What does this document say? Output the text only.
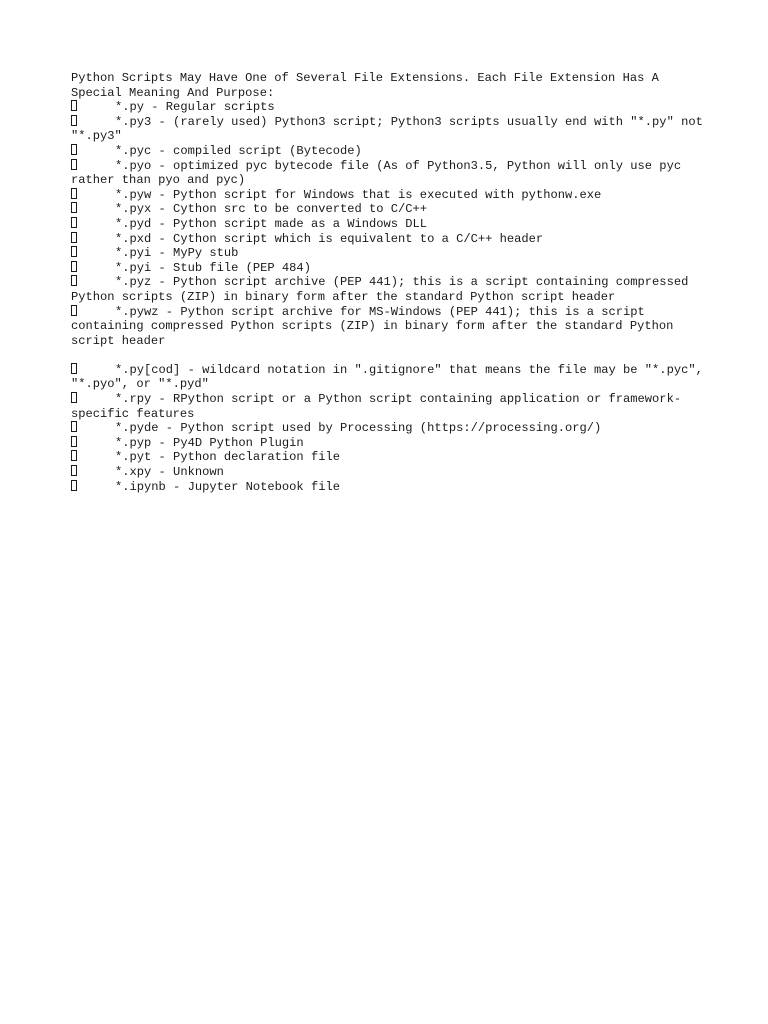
Python Scripts May Have One of Several File Extensions. Each File Extension Has A Special Meaning And Purpose:

*.py - Regular scripts

*.py3 - (rarely used) Python3 script; Python3 scripts usually end with "*.py" not "*.py3"

*.pyc - compiled script (Bytecode)

*.pyo - optimized pyc bytecode file (As of Python3.5, Python will only use pyc rather than pyo and pyc)

*.pyw - Python script for Windows that is executed with pythonw.exe

*.pyx - Cython src to be converted to C/C++

*.pyd - Python script made as a Windows DLL

*.pxd - Cython script which is equivalent to a C/C++ header

*.pyi - MyPy stub

*.pyi - Stub file (PEP 484)

*.pyz - Python script archive (PEP 441); this is a script containing compressed Python scripts (ZIP) in binary form after the standard Python script header

*.pywz - Python script archive for MS-Windows (PEP 441); this is a script containing compressed Python scripts (ZIP) in binary form after the standard Python script header

*.py[cod] - wildcard notation in ".gitignore" that means the file may be "*.pyc", "*.pyo", or "*.pyd"

*.rpy - RPython script or a Python script containing application or framework-specific features

*.pyde - Python script used by Processing (https://processing.org/)

*.pyp - Py4D Python Plugin

*.pyt - Python declaration file

*.xpy - Unknown

*.ipynb - Jupyter Notebook file
